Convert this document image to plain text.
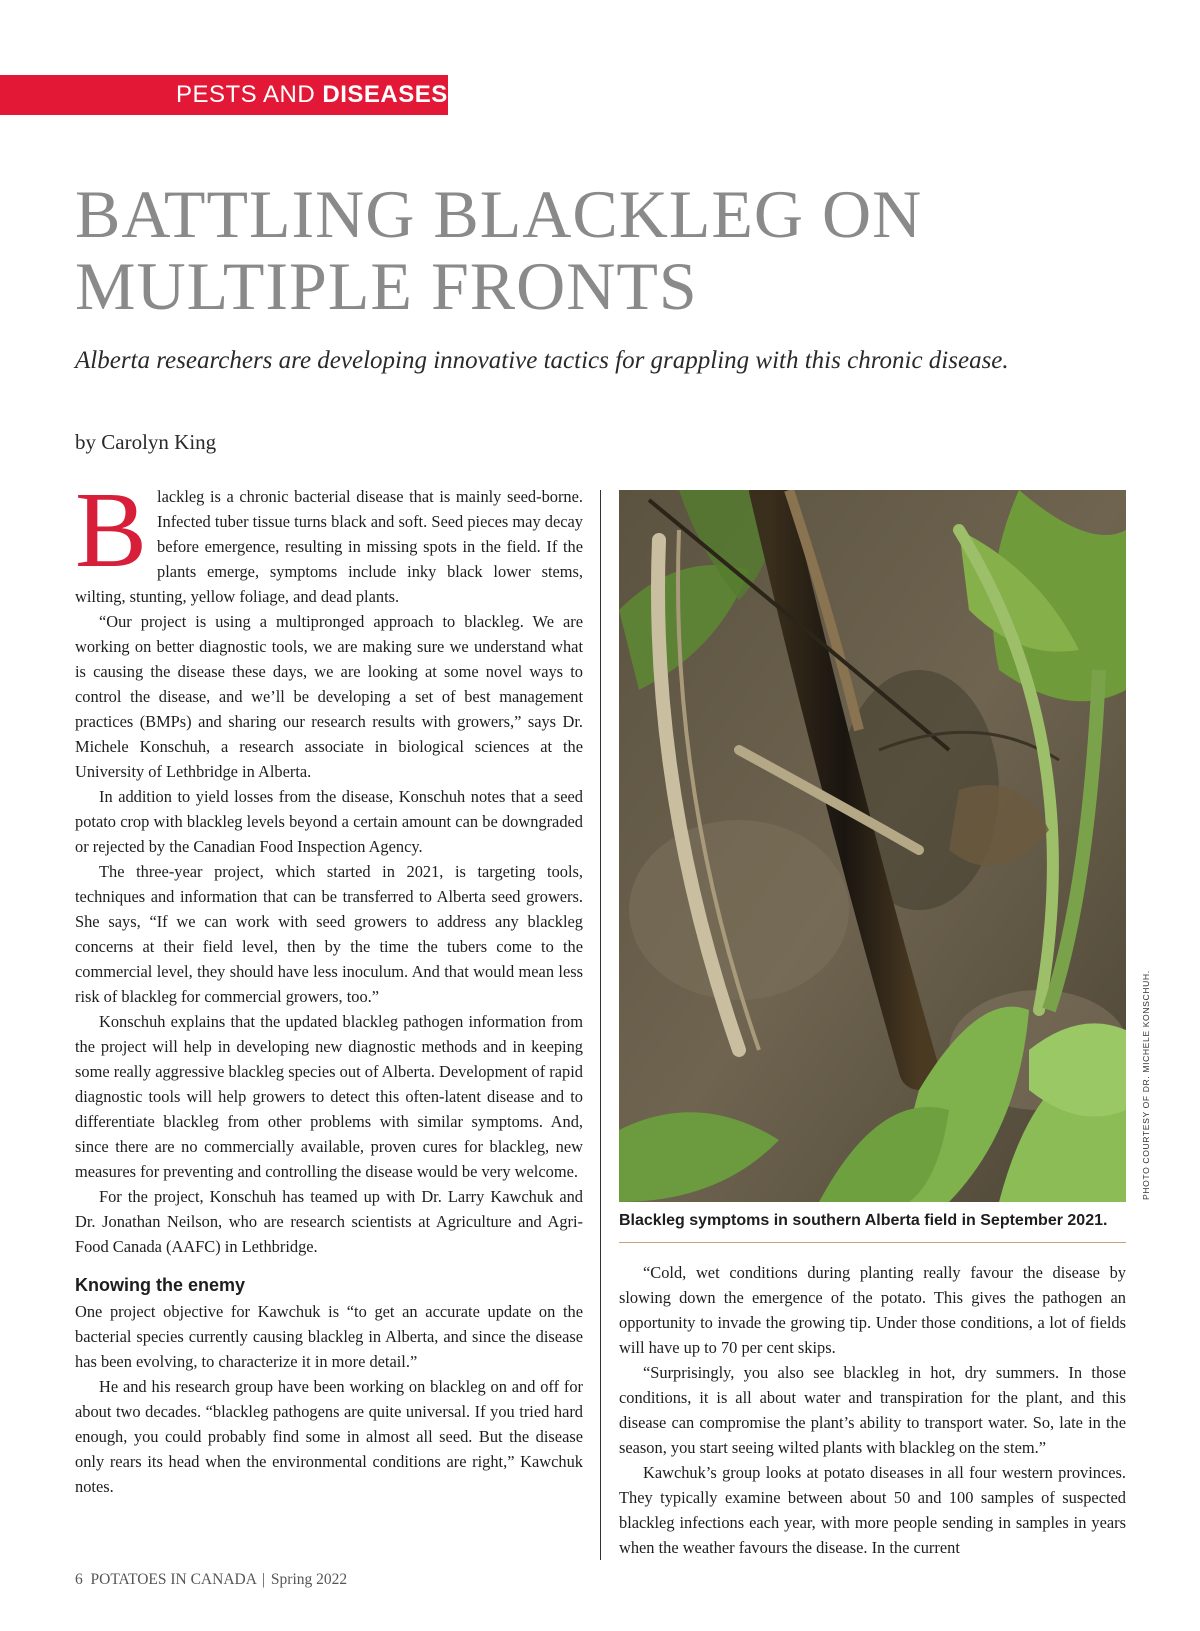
PESTS AND DISEASES
BATTLING BLACKLEG ON MULTIPLE FRONTS

Alberta researchers are developing innovative tactics for grappling with this chronic disease.

by Carolyn King

Blackleg is a chronic bacterial disease that is mainly seed-borne. Infected tuber tissue turns black and soft. Seed pieces may decay before emergence, resulting in missing spots in the field. If the plants emerge, symptoms include inky black lower stems, wilting, stunting, yellow foliage, and dead plants.

“Our project is using a multipronged approach to blackleg. We are working on better diagnostic tools, we are making sure we understand what is causing the disease these days, we are looking at some novel ways to control the disease, and we’ll be developing a set of best management practices (BMPs) and sharing our research results with growers,” says Dr. Michele Konschuh, a research associate in biological sciences at the University of Lethbridge in Alberta.

In addition to yield losses from the disease, Konschuh notes that a seed potato crop with blackleg levels beyond a certain amount can be downgraded or rejected by the Canadian Food Inspection Agency.

The three-year project, which started in 2021, is targeting tools, techniques and information that can be transferred to Alberta seed growers. She says, “If we can work with seed growers to address any blackleg concerns at their field level, then by the time the tubers come to the commercial level, they should have less inoculum. And that would mean less risk of blackleg for commercial growers, too.”

Konschuh explains that the updated blackleg pathogen information from the project will help in developing new diagnostic methods and in keeping some really aggressive blackleg species out of Alberta. Development of rapid diagnostic tools will help growers to detect this often-latent disease and to differentiate blackleg from other problems with similar symptoms. And, since there are no commercially available, proven cures for blackleg, new measures for preventing and controlling the disease would be very welcome.

For the project, Konschuh has teamed up with Dr. Larry Kawchuk and Dr. Jonathan Neilson, who are research scientists at Agriculture and Agri-Food Canada (AAFC) in Lethbridge.

Knowing the enemy

One project objective for Kawchuk is “to get an accurate update on the bacterial species currently causing blackleg in Alberta, and since the disease has been evolving, to characterize it in more detail.”

He and his research group have been working on blackleg on and off for about two decades. “blackleg pathogens are quite universal. If you tried hard enough, you could probably find some in almost all seed. But the disease only rears its head when the environmental conditions are right,” Kawchuk notes.

PHOTO COURTESY OF DR. MICHELE KONSCHUH.

Blackleg symptoms in southern Alberta field in September 2021.

“Cold, wet conditions during planting really favour the disease by slowing down the emergence of the potato. This gives the pathogen an opportunity to invade the growing tip. Under those conditions, a lot of fields will have up to 70 per cent skips.

“Surprisingly, you also see blackleg in hot, dry summers. In those conditions, it is all about water and transpiration for the plant, and this disease can compromise the plant’s ability to transport water. So, late in the season, you start seeing wilted plants with blackleg on the stem.”

Kawchuk’s group looks at potato diseases in all four western provinces. They typically examine between about 50 and 100 samples of suspected blackleg infections each year, with more people sending in samples in years when the weather favours the disease. In the current

6 POTATOES IN CANADA | Spring 2022
